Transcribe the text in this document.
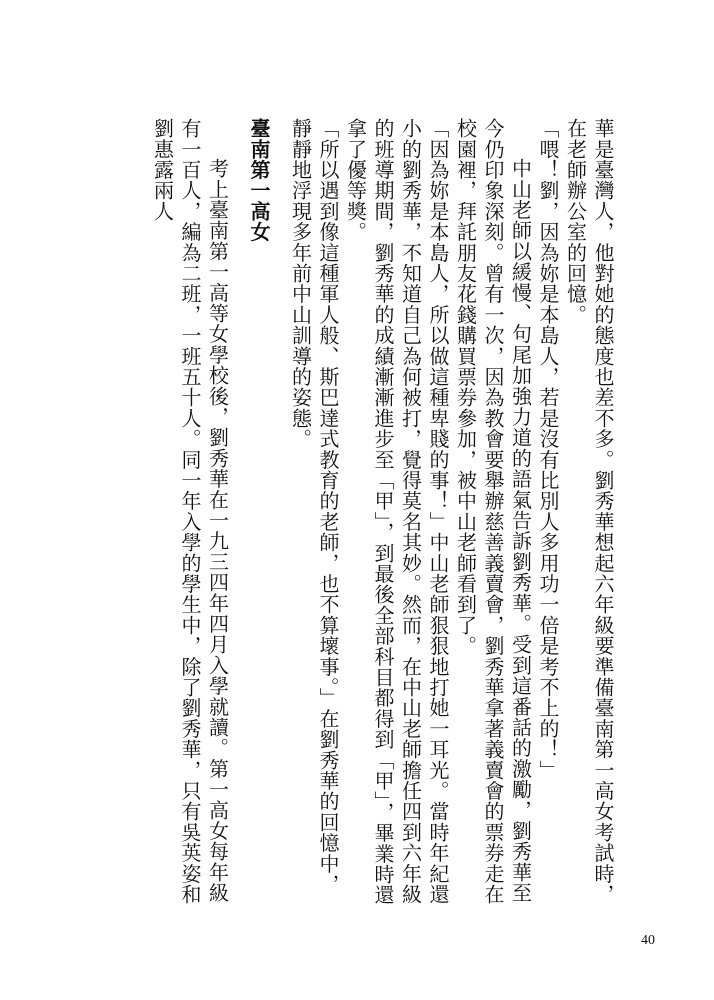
華是臺灣人，他對她的態度也差不多。劉秀華想起六年級要準備臺南第一高女考試時，在老師辦公室的回憶。

「喂！劉，因為妳是本島人，若是沒有比別人多用功一倍是考不上的！」

中山老師以緩慢、句尾加強力道的語氣告訴劉秀華。受到這番話的激勵，劉秀華至今仍印象深刻。曾有一次，因為教會要舉辦慈善義賣會，劉秀華拿著義賣會的票券走在校園裡，拜託朋友花錢購買票券參加，被中山老師看到了。

「因為妳是本島人，所以做這種卑賤的事！」中山老師狠狠地打她一耳光。當時年紀還小的劉秀華，不知道自己為何被打，覺得莫名其妙。然而，在中山老師擔任四到六年級的班導期間，劉秀華的成績漸漸進步至「甲」，到最後全部科目都得到「甲」，畢業時還拿了優等獎。

「所以遇到像這種軍人般、斯巴達式教育的老師，也不算壞事。」在劉秀華的回憶中，靜靜地浮現多年前中山訓導的姿態。

臺南第一高女

考上臺南第一高等女學校後，劉秀華在一九三四年四月入學就讀。第一高女每年級有一百人，編為二班，一班五十人。同一年入學的學生中，除了劉秀華，只有吳英姿和劉惠露兩人

40
